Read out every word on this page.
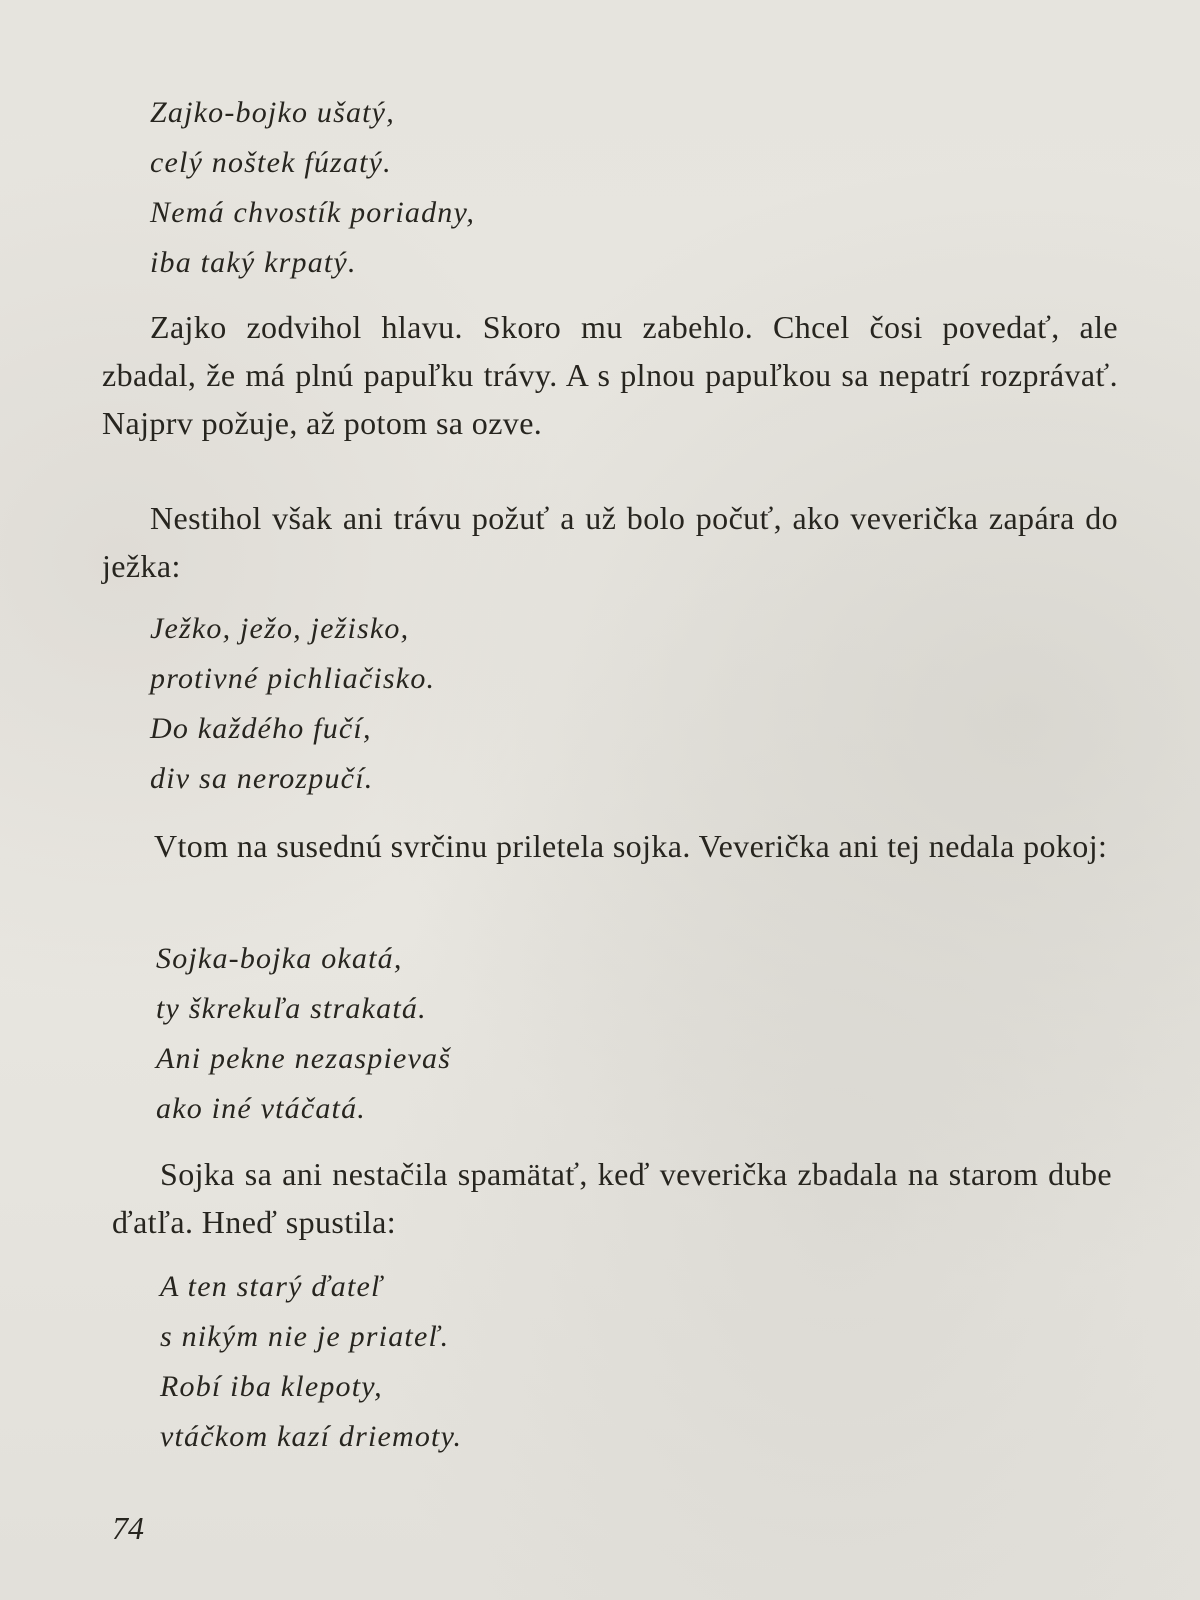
Zajko-bojko ušatý,
celý noštek fúzatý.
Nemá chvostík poriadny,
iba taký krpatý.

Zajko zodvihol hlavu. Skoro mu zabehlo. Chcel čosi povedať, ale zbadal, že má plnú papuľku trávy. A s plnou papuľkou sa nepatrí rozprávať. Najprv požuje, až potom sa ozve.

Nestihol však ani trávu požuť a už bolo počuť, ako veverička zapára do ježka:

Ježko, ježo, ježisko,
protivné pichliačisko.
Do každého fučí,
div sa nerozpučí.

Vtom na susednú svrčinu priletela sojka. Veverička ani tej nedala pokoj:

Sojka-bojka okatá,
ty škrekuľa strakatá.
Ani pekne nezaspievaš
ako iné vtáčatá.

Sojka sa ani nestačila spamätať, keď veverička zbadala na starom dube ďatľa. Hneď spustila:

A ten starý ďateľ
s nikým nie je priateľ.
Robí iba klepoty,
vtáčkom kazí driemoty.
74
